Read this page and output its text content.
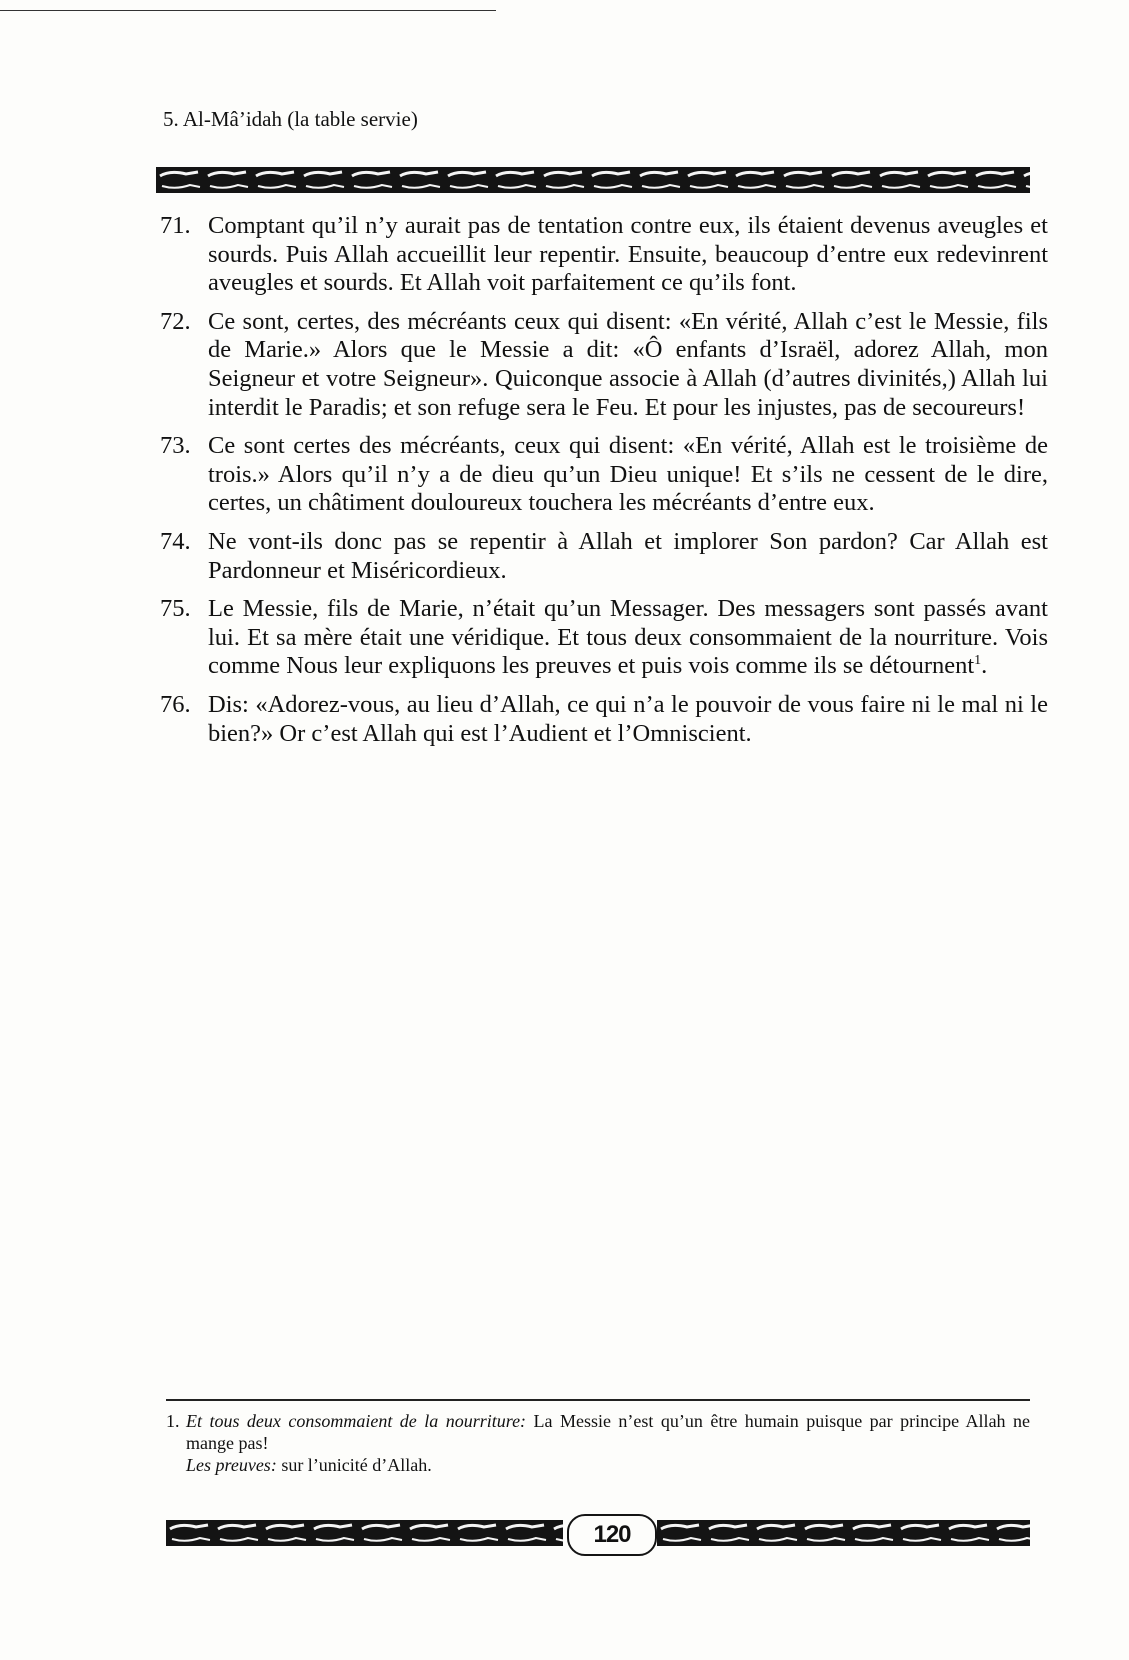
5. Al-Mâ’idah (la table servie)
71. Comptant qu’il n’y aurait pas de tentation contre eux, ils étaient devenus aveugles et sourds. Puis Allah accueillit leur repentir. Ensuite, beaucoup d’entre eux redevinrent aveugles et sourds. Et Allah voit parfaitement ce qu’ils font.
72. Ce sont, certes, des mécréants ceux qui disent: «En vérité, Allah c’est le Messie, fils de Marie.» Alors que le Messie a dit: «Ô enfants d’Israël, adorez Allah, mon Seigneur et votre Seigneur». Quiconque associe à Allah (d’autres divinités,) Allah lui interdit le Paradis; et son refuge sera le Feu. Et pour les injustes, pas de secoureurs!
73. Ce sont certes des mécréants, ceux qui disent: «En vérité, Allah est le troisième de trois.» Alors qu’il n’y a de dieu qu’un Dieu unique! Et s’ils ne cessent de le dire, certes, un châtiment douloureux touchera les mécréants d’entre eux.
74. Ne vont-ils donc pas se repentir à Allah et implorer Son pardon? Car Allah est Pardonneur et Miséricordieux.
75. Le Messie, fils de Marie, n’était qu’un Messager. Des messagers sont passés avant lui. Et sa mère était une véridique. Et tous deux consommaient de la nourriture. Vois comme Nous leur expliquons les preuves et puis vois comme ils se détournent$^1$.
76. Dis: «Adorez-vous, au lieu d’Allah, ce qui n’a le pouvoir de vous faire ni le mal ni le bien?» Or c’est Allah qui est l’Audient et l’Omniscient.
1. Et tous deux consommaient de la nourriture: La Messie n’est qu’un être humain puisque par principe Allah ne mange pas!
Les preuves: sur l’unicité d’Allah.
120
